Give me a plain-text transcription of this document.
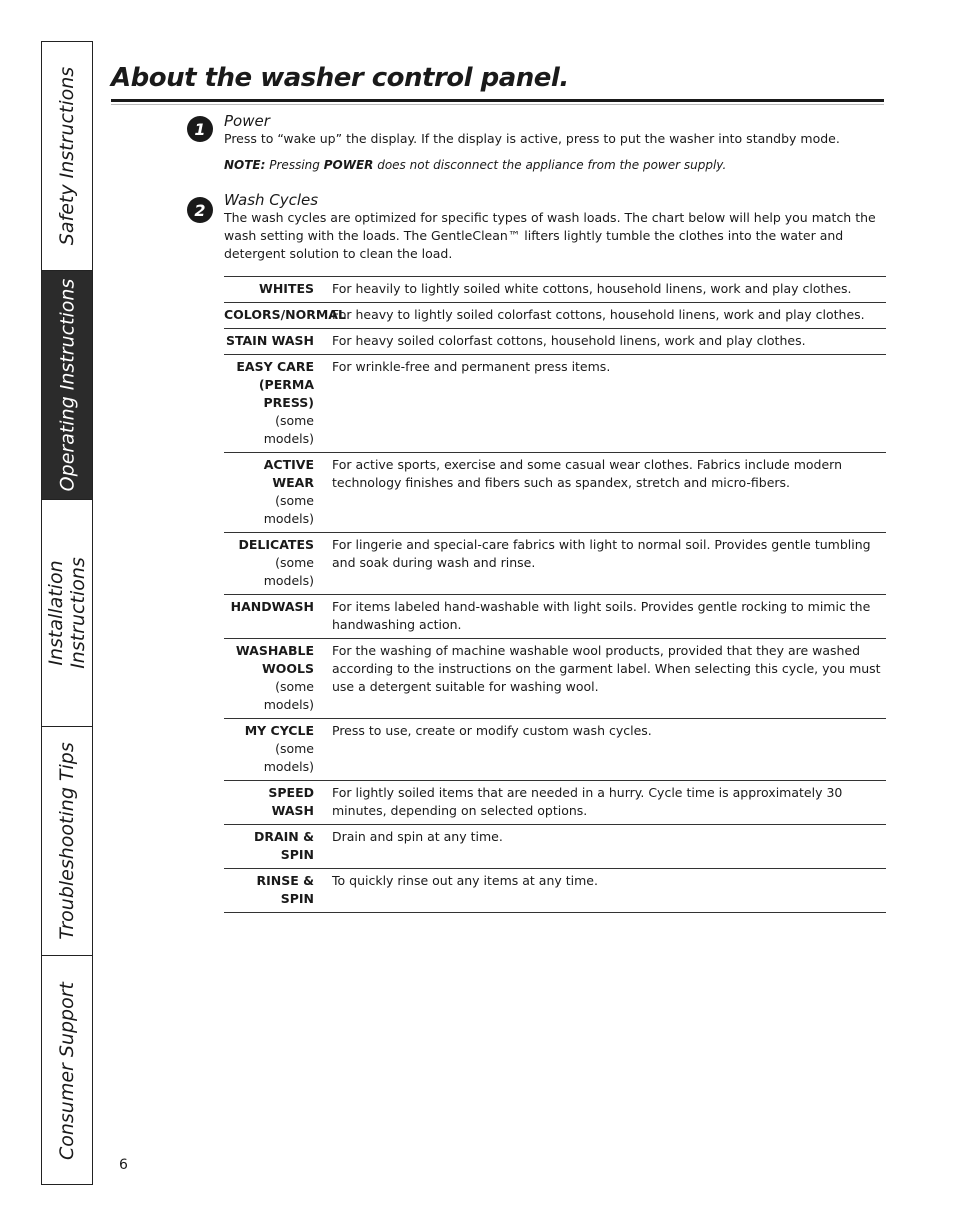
Safety Instructions
Operating Instructions
Installation Instructions
Troubleshooting Tips
Consumer Support
About the washer control panel.
1	Power
Press to “wake up” the display. If the display is active, press to put the washer into standby mode.
NOTE: Pressing POWER does not disconnect the appliance from the power supply.
2
Wash Cycles
The wash cycles are optimized for specific types of wash loads. The chart below will help you match the wash setting with the loads. The GentleClean™ lifters lightly tumble the clothes into the water and detergent solution to clean the load.
WHITES For heavily to lightly soiled white cottons, household linens, work and play clothes.
COLORS/NORMAL
For heavy to lightly soiled colorfast cottons, household linens, work and play clothes.
STAIN WASH For heavy soiled colorfast cottons, household linens, work and play clothes.
EASY CARE (PERMA PRESS)
(some models)
For wrinkle-free and permanent press items.
ACTIVE WEAR
(some models)
For active sports, exercise and some casual wear clothes. Fabrics include modern technology finishes and fibers such as spandex, stretch and micro-fibers.
DELICATES
(some models)
For lingerie and special-care fabrics with light to normal soil. Provides gentle tumbling and soak during wash and rinse.
HANDWASH For items labeled hand-washable with light soils. Provides gentle rocking to mimic the handwashing action.
WASHABLE WOOLS
(some models)
For the washing of machine washable wool products, provided that they are washed according to the instructions on the garment label. When selecting this cycle, you must use a detergent suitable for washing wool.
MY CYCLE
(some models)
Press to use, create or modify custom wash cycles.
SPEED WASH
For lightly soiled items that are needed in a hurry. Cycle time is approximately 30 minutes, depending on selected options.
DRAIN & SPIN
Drain and spin at any time.
RINSE & SPIN
To quickly rinse out any items at any time.
6
